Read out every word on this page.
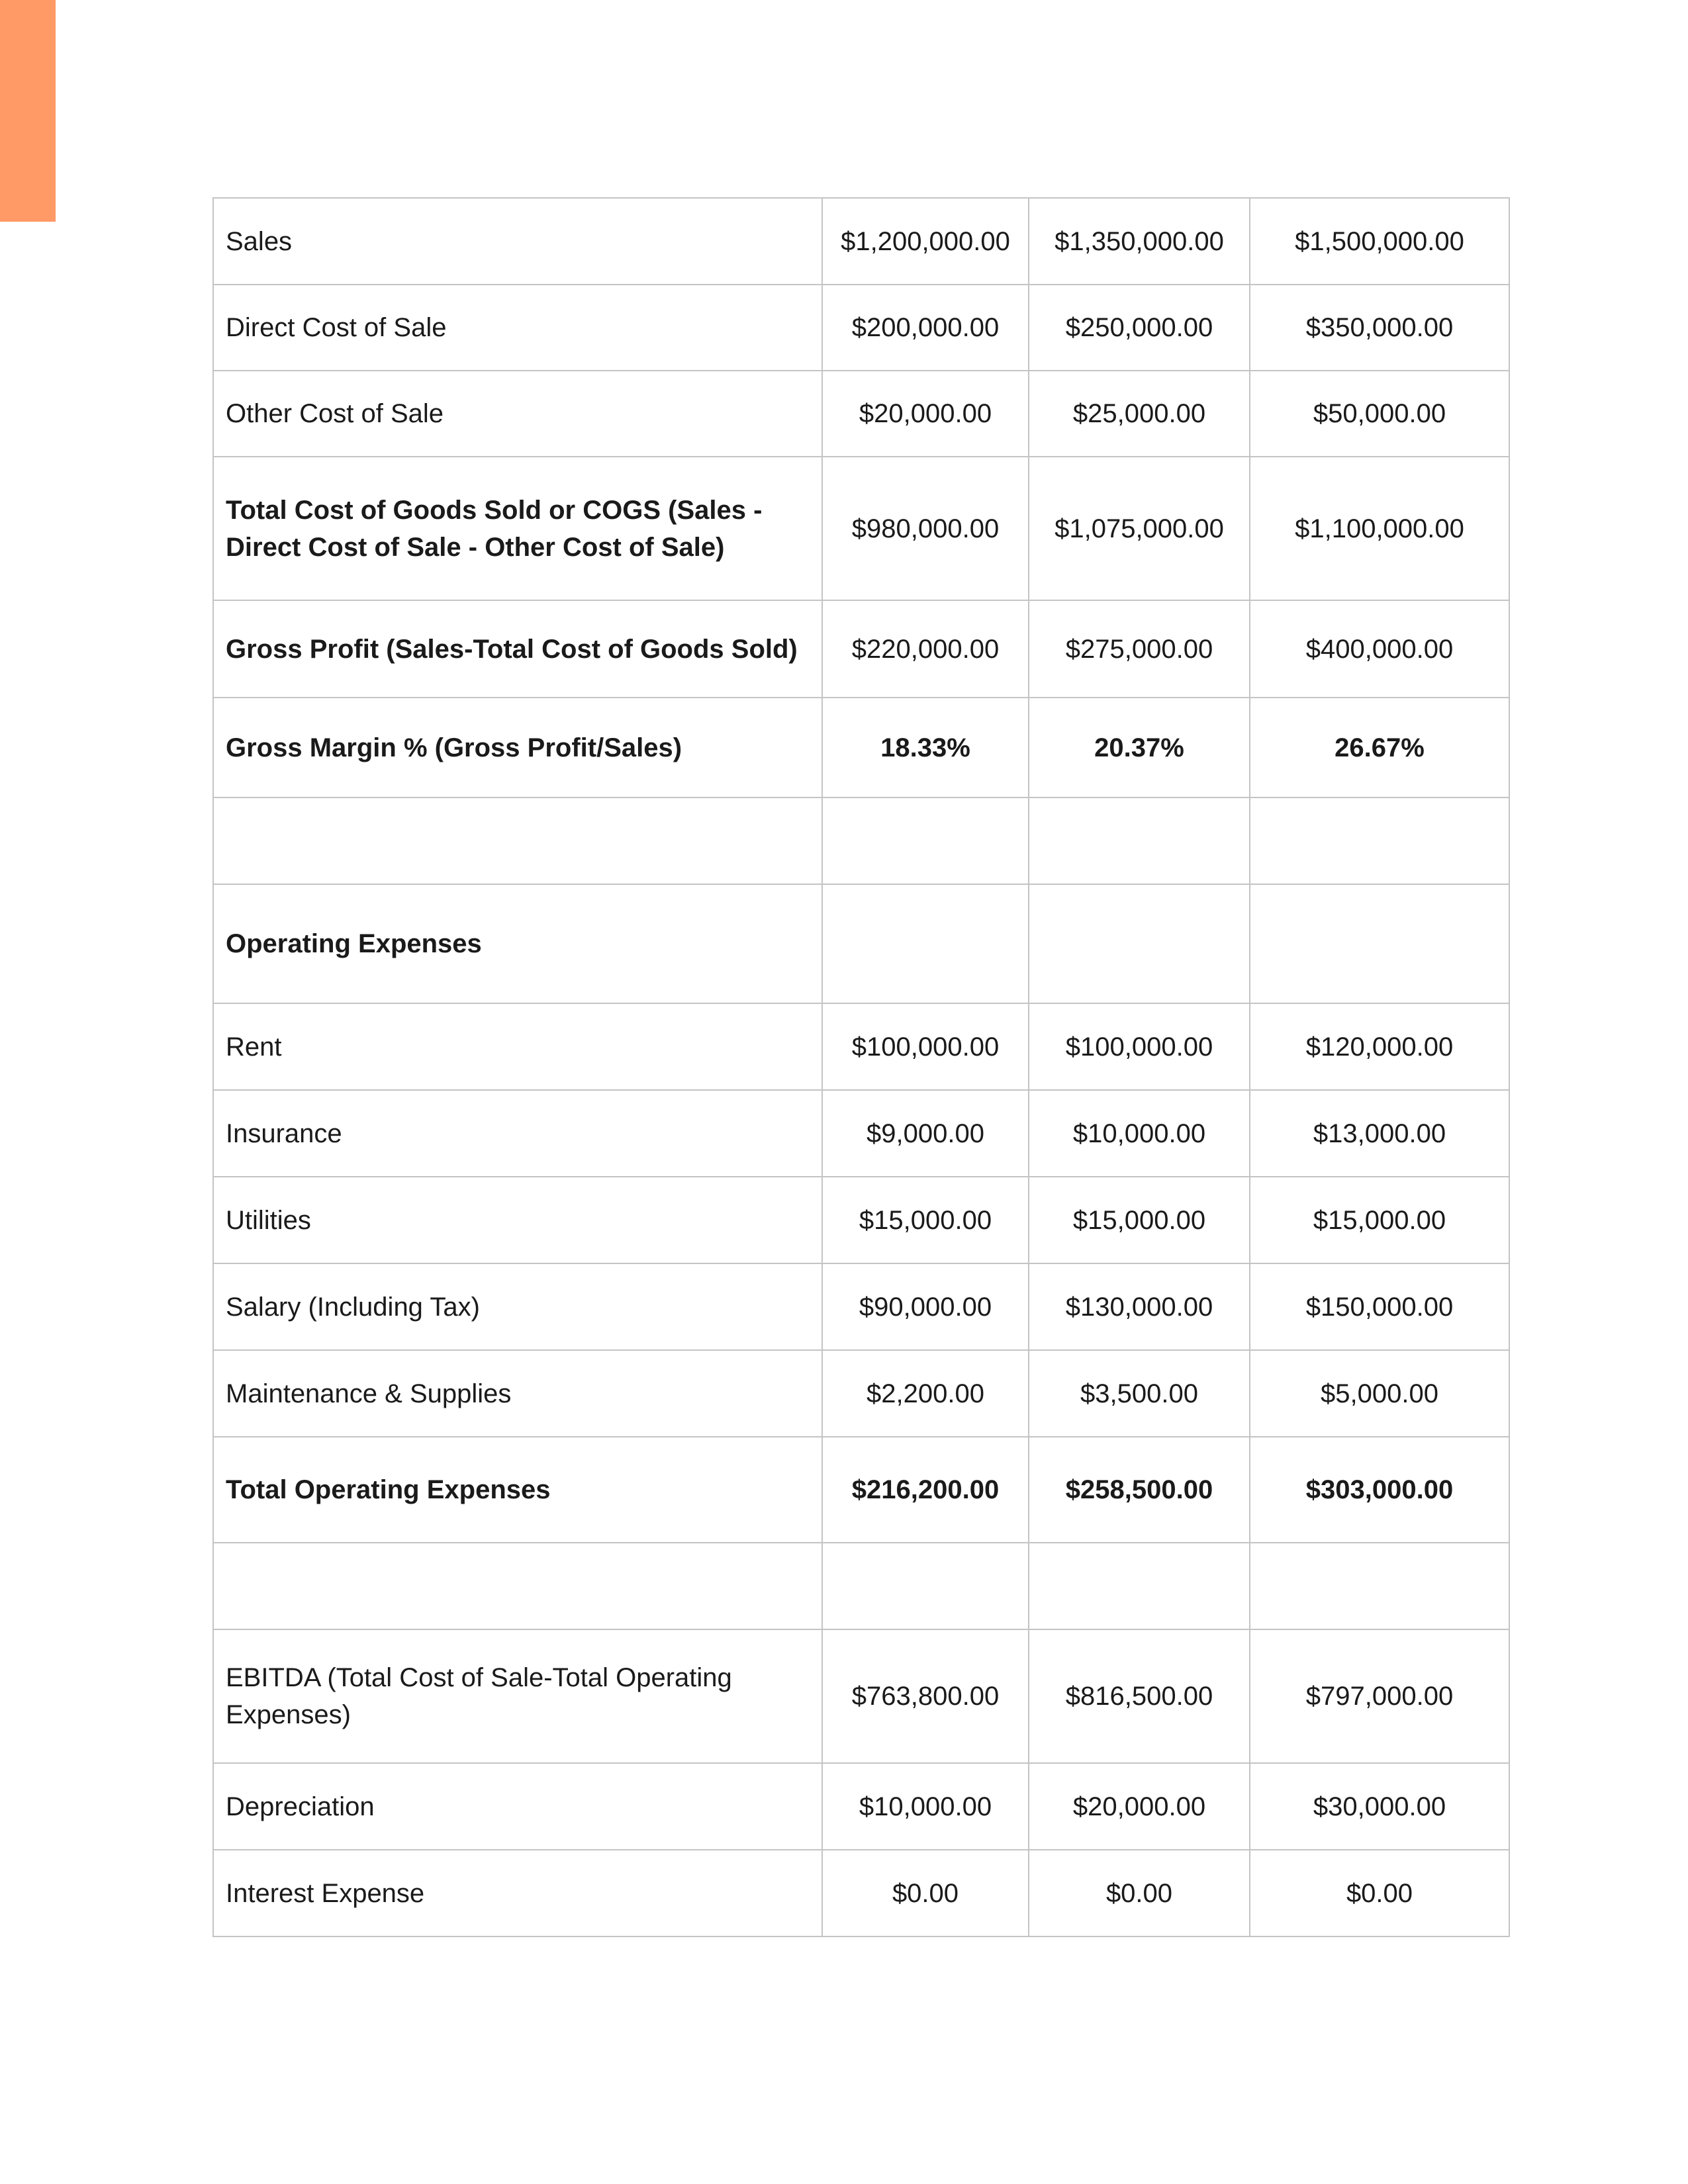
Sales	$1,200,000.00	$1,350,000.00	$1,500,000.00
Direct Cost of Sale	$200,000.00	$250,000.00	$350,000.00
Other Cost of Sale	$20,000.00	$25,000.00	$50,000.00
Total Cost of Goods Sold or COGS (Sales - Direct Cost of Sale - Other Cost of Sale)	$980,000.00	$1,075,000.00	$1,100,000.00
Gross Profit (Sales-Total Cost of Goods Sold)	$220,000.00	$275,000.00	$400,000.00
Gross Margin % (Gross Profit/Sales)	18.33%	20.37%	26.67%

Operating Expenses			
Rent	$100,000.00	$100,000.00	$120,000.00
Insurance	$9,000.00	$10,000.00	$13,000.00
Utilities	$15,000.00	$15,000.00	$15,000.00
Salary (Including Tax)	$90,000.00	$130,000.00	$150,000.00
Maintenance & Supplies	$2,200.00	$3,500.00	$5,000.00
Total Operating Expenses	$216,200.00	$258,500.00	$303,000.00

EBITDA (Total Cost of Sale-Total Operating Expenses)	$763,800.00	$816,500.00	$797,000.00
Depreciation	$10,000.00	$20,000.00	$30,000.00
Interest Expense	$0.00	$0.00	$0.00
